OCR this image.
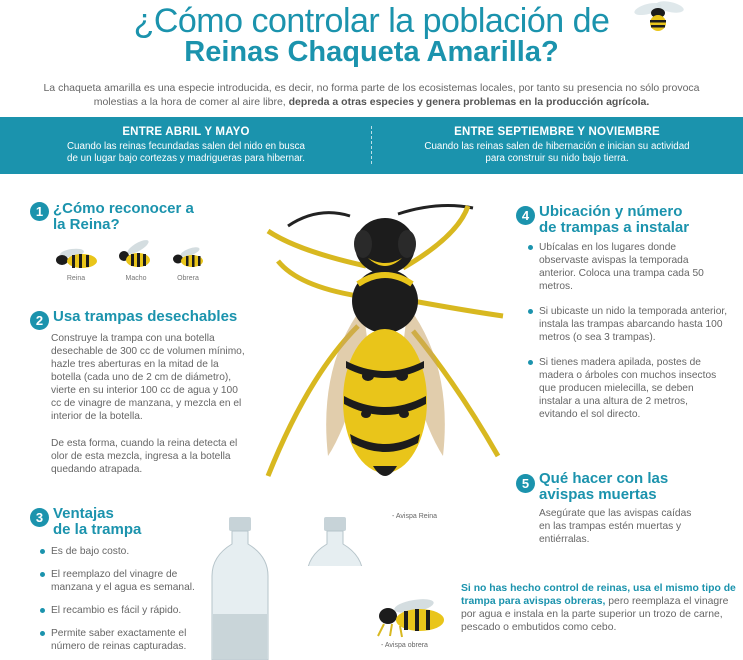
¿Cómo controlar la población de
Reinas Chaqueta Amarilla?
La chaqueta amarilla es una especie introducida, es decir, no forma parte de los ecosistemas locales, por tanto su presencia no sólo provoca molestias a la hora de comer al aire libre, depreda a otras especies y genera problemas en la producción agrícola.
ENTRE ABRIL Y MAYO
Cuando las reinas fecundadas salen del nido en busca
de un lugar bajo cortezas y madrigueras para hibernar.
ENTRE SEPTIEMBRE Y NOVIEMBRE
Cuando las reinas salen de hibernación e inician su actividad
para construir su nido bajo tierra.
1 ¿Cómo reconocer a
la Reina?
Reina	Macho	Obrera
2 Usa trampas desechables
Construye la trampa con una botella desechable de 300 cc de volumen mínimo, hazle tres aberturas en la mitad de la botella (cada uno de 2 cm de diámetro), vierte en su interior 100 cc de agua y 100 cc de vinagre de manzana, y mezcla en el interior de la botella.
De esta forma, cuando la reina detecta el olor de esta mezcla, ingresa a la botella quedando atrapada.
3 Ventajas
de la trampa
Es de bajo costo.
El reemplazo del vinagre de manzana y el agua es semanal.
El recambio es fácil y rápido.
Permite saber exactamente el número de reinas capturadas.
- Avispa Reina
4 Ubicación y número
de trampas a instalar
Ubícalas en los lugares donde observaste avispas la temporada anterior. Coloca una trampa cada 50 metros.
Si ubicaste un nido la temporada anterior, instala las trampas abarcando hasta 100 metros (o sea 3 trampas).
Si tienes madera apilada, postes de madera o árboles con muchos insectos que producen mielecilla, se deben instalar a una altura de 2 metros, evitando el sol directo.
5 Qué hacer con las
avispas muertas
Asegúrate que las avispas caídas en las trampas estén muertas y entiérralas.
- Avispa obrera
Si no has hecho control de reinas, usa el mismo tipo de trampa para avispas obreras, pero reemplaza el vinagre por agua e instala en la parte superior un trozo de carne, pescado o embutidos como cebo.
